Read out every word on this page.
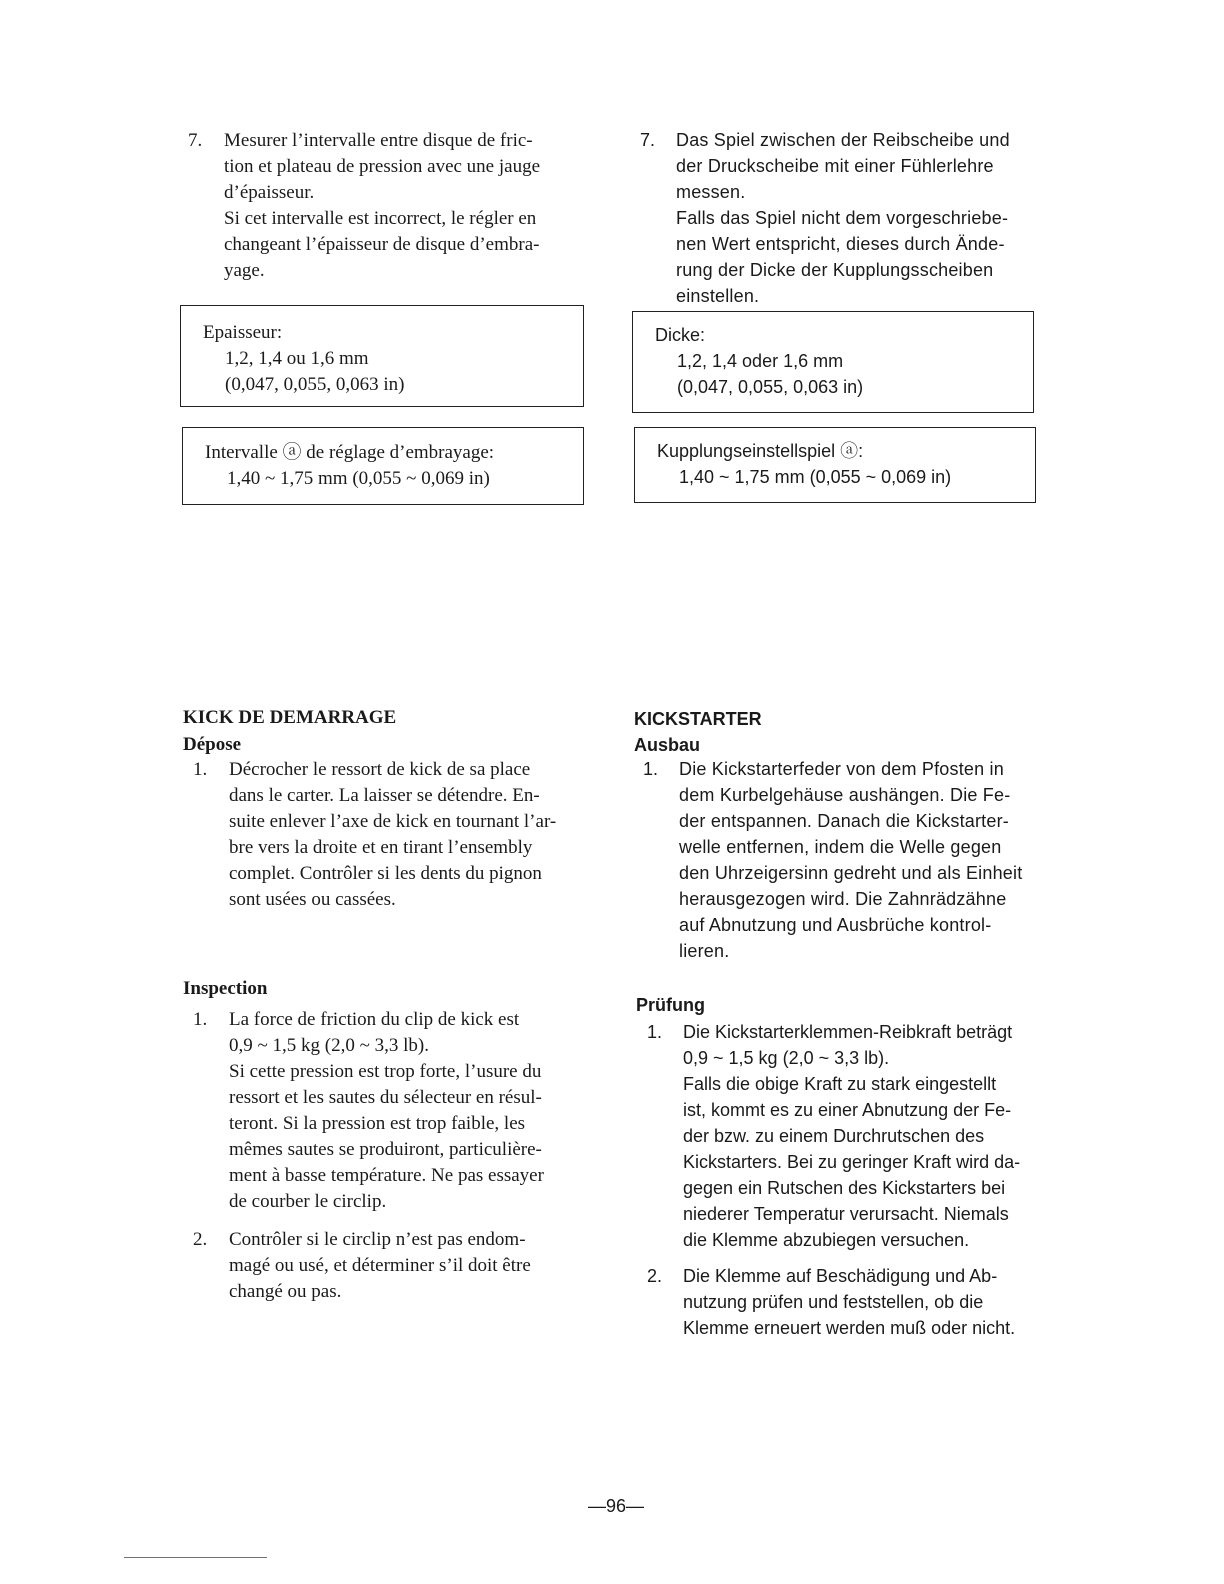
7.	Mesurer l’intervalle entre disque de fric-

tion et plateau de pression avec une jauge

d’épaisseur.

Si cet intervalle est incorrect, le régler en

changeant l’épaisseur de disque d’embra-

yage.

Epaisseur:
1,2, 1,4 ou 1,6 mm
(0,047, 0,055, 0,063 in)
Intervalle ⓐ de réglage d’embrayage:
1,40 ~ 1,75 mm (0,055 ~ 0,069 in)
KICK DE DEMARRAGE
Dépose
1.	Décrocher le ressort de kick de sa place

dans le carter. La laisser se détendre. En-

suite enlever l’axe de kick en tournant l’ar-

bre vers la droite et en tirant l’ensembly

complet. Contrôler si les dents du pignon

sont usées ou cassées.

Inspection
1.	La force de friction du clip de kick est

0,9 ~ 1,5 kg (2,0 ~ 3,3 lb).

Si cette pression est trop forte, l’usure du

ressort et les sautes du sélecteur en résul-

teront. Si la pression est trop faible, les

mêmes sautes se produiront, particulière-

ment à basse température. Ne pas essayer

de courber le circlip.

2.	Contrôler si le circlip n’est pas endom-

magé ou usé, et déterminer s’il doit être

changé ou pas.

7.	Das Spiel zwischen der Reibscheibe und

der Druckscheibe mit einer Fühlerlehre

messen.

Falls das Spiel nicht dem vorgeschriebe-

nen Wert entspricht, dieses durch Ände-

rung der Dicke der Kupplungsscheiben

einstellen.

Dicke:
1,2, 1,4 oder 1,6 mm
(0,047, 0,055, 0,063 in)
Kupplungseinstellspiel ⓐ:
1,40 ~ 1,75 mm (0,055 ~ 0,069 in)
KICKSTARTER
Ausbau
1.	Die Kickstarterfeder von dem Pfosten in

dem Kurbelgehäuse aushängen. Die Fe-

der entspannen. Danach die Kickstarter-

welle entfernen, indem die Welle gegen

den Uhrzeigersinn gedreht und als Einheit

herausgezogen wird. Die Zahnrädzähne

auf Abnutzung und Ausbrüche kontrol-

lieren.

Prüfung
1.	Die Kickstarterklemmen-Reibkraft beträgt

0,9 ~ 1,5 kg (2,0 ~ 3,3 lb).

Falls die obige Kraft zu stark eingestellt

ist, kommt es zu einer Abnutzung der Fe-

der bzw. zu einem Durchrutschen des

Kickstarters. Bei zu geringer Kraft wird da-

gegen ein Rutschen des Kickstarters bei

niederer Temperatur verursacht. Niemals

die Klemme abzubiegen versuchen.

2.	Die Klemme auf Beschädigung und Ab-

nutzung prüfen und feststellen, ob die

Klemme erneuert werden muß oder nicht.

—96—
